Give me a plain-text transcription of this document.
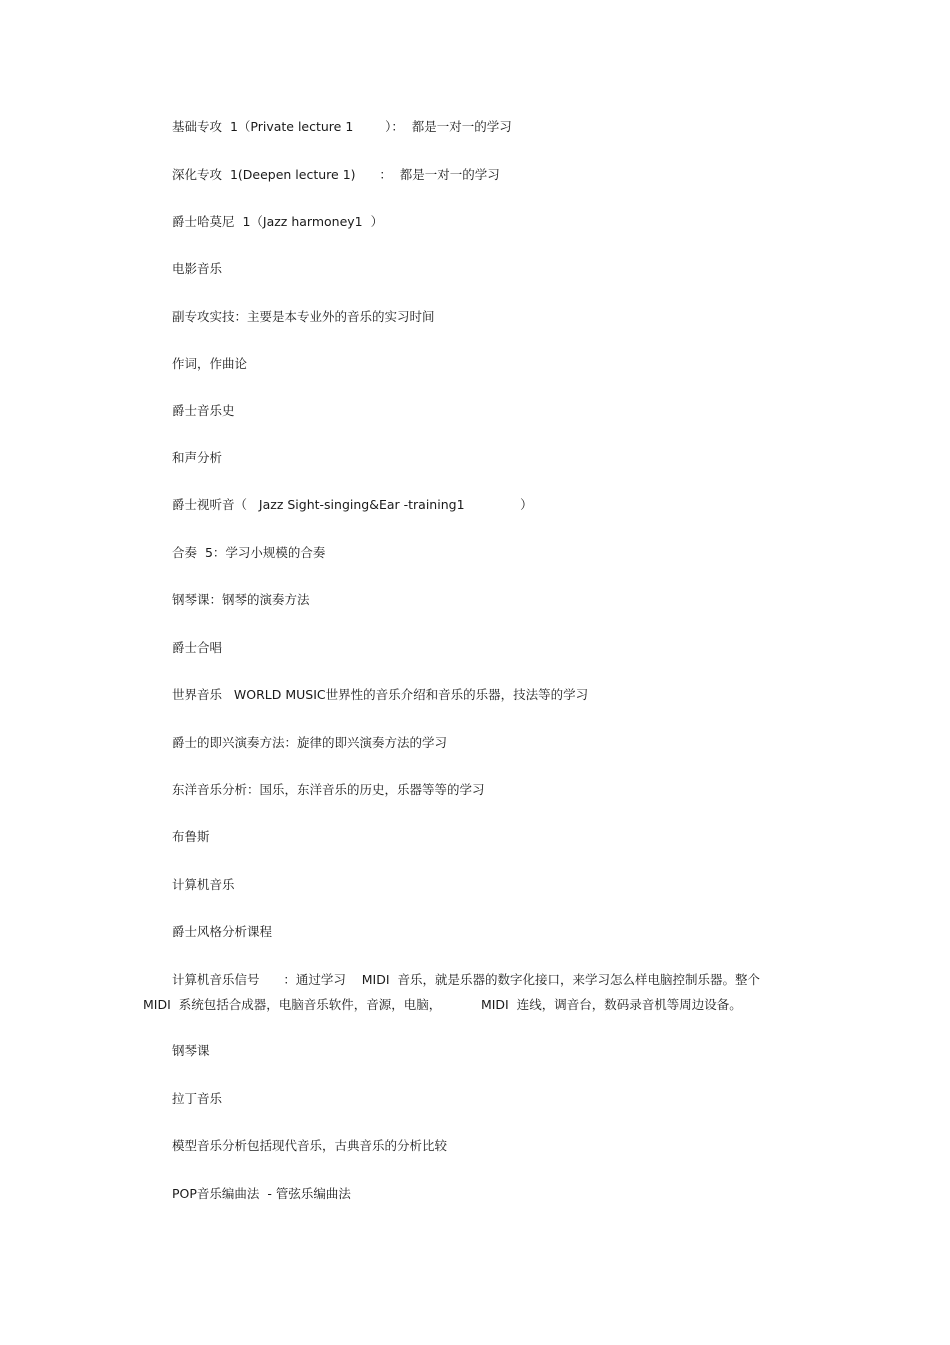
基础专攻  1（Private lecture 1        ）：  都是一对一的学习
深化专攻  1(Deepen lecture 1)      ：  都是一对一的学习
爵士哈莫尼  1（Jazz harmoney1  ）
电影音乐
副专攻实技：主要是本专业外的音乐的实习时间
作词，作曲论
爵士音乐史
和声分析
爵士视听音（   Jazz Sight-singing&Ear -training1              ）
合奏  5：学习小规模的合奏
钢琴课：钢琴的演奏方法
爵士合唱
世界音乐   WORLD MUSIC世界性的音乐介绍和音乐的乐器，技法等的学习
爵士的即兴演奏方法：旋律的即兴演奏方法的学习
东洋音乐分析：国乐，东洋音乐的历史，乐器等等的学习
布鲁斯
计算机音乐
爵士风格分析课程
计算机音乐信号      ：通过学习    MIDI  音乐，就是乐器的数字化接口，来学习怎么样电脑控制乐器。整个
MIDI  系统包括合成器，电脑音乐软件，音源，电脑，          MIDI  连线，调音台，数码录音机等周边设备。
钢琴课
拉丁音乐
模型音乐分析包括现代音乐，古典音乐的分析比较
POP音乐编曲法  - 管弦乐编曲法
